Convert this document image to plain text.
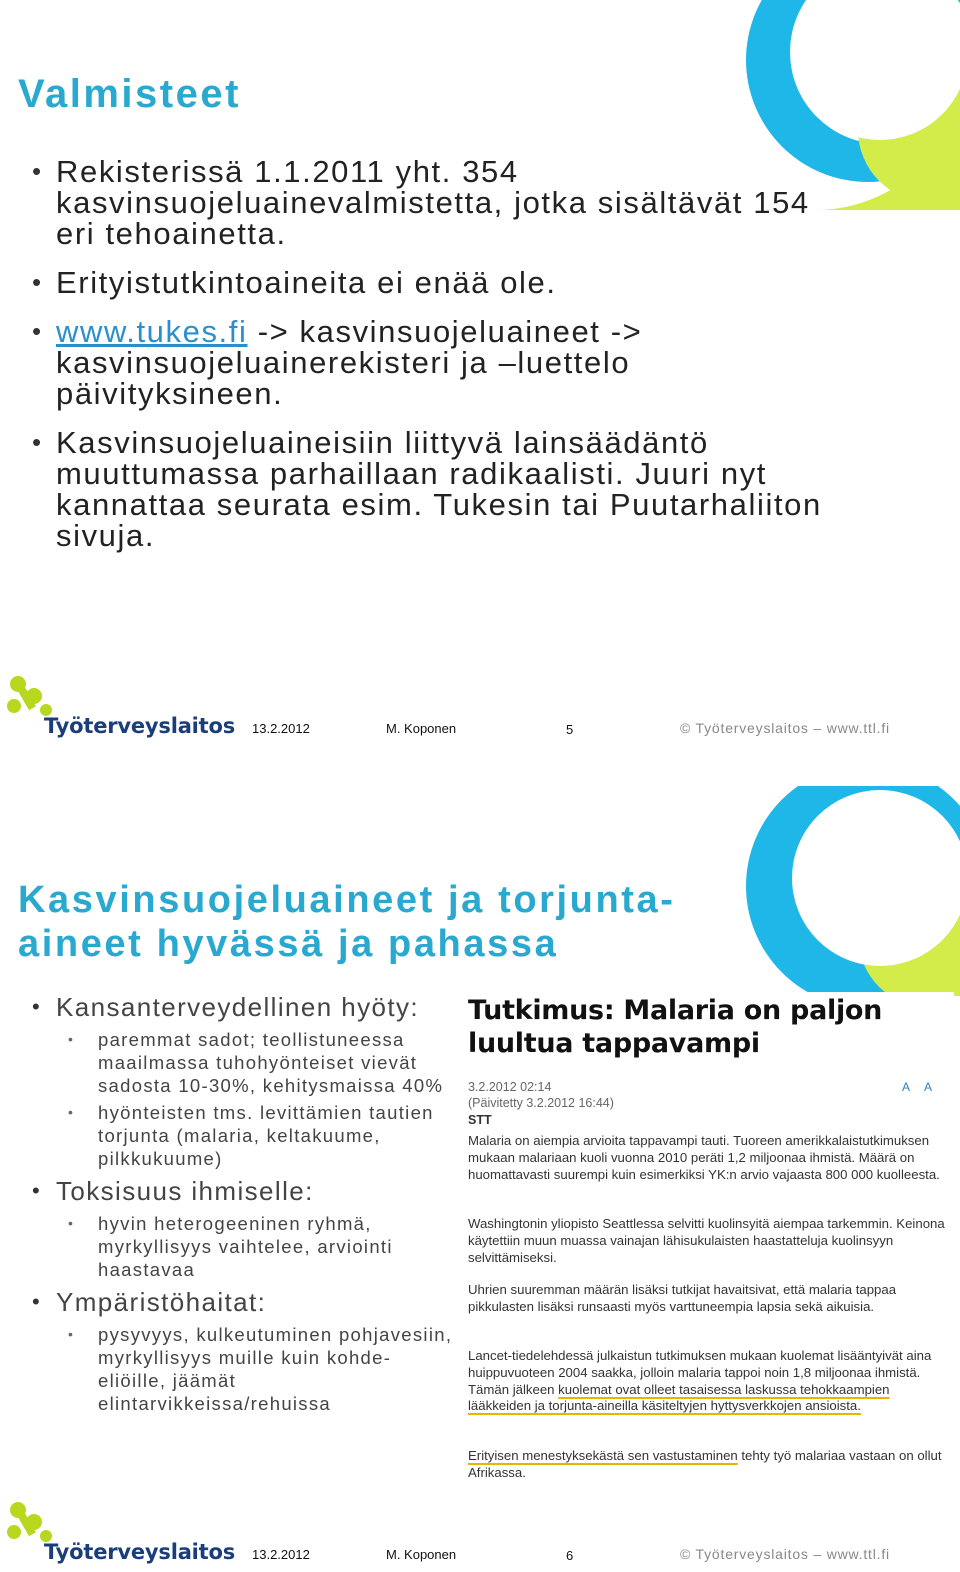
Valmisteet
• Rekisterissä 1.1.2011 yht. 354 kasvinsuojeluainevalmistetta, jotka sisältävät 154 eri tehoainetta.
• Erityistutkintoaineita ei enää ole.
• www.tukes.fi -> kasvinsuojeluaineet -> kasvinsuojeluainerekisteri ja –luettelo päivityksineen.
• Kasvinsuojeluaineisiin liittyvä lainsäädäntö muuttumassa parhaillaan radikaalisti. Juuri nyt kannattaa seurata esim. Tukesin tai Puutarhaliiton sivuja.
Työterveyslaitos 13.2.2012	M. Koponen	5	© Työterveyslaitos – www.ttl.fi
Kasvinsuojeluaineet ja torjunta-aineet hyvässä ja pahassa
• Kansanterveydellinen hyöty:
• paremmat sadot; teollistuneessa maailmassa tuhohyönteiset vievät sadosta 10-30%, kehitysmaissa 40%
• hyönteisten tms. levittämien tautien torjunta (malaria, keltakuume, pilkkukuume)
• Toksisuus ihmiselle:
• hyvin heterogeeninen ryhmä, myrkyllisyys vaihtelee, arviointi haastavaa
• Ympäristöhaitat:
• pysyvyys, kulkeutuminen pohjavesiin, myrkyllisyys muille kuin kohde-eliöille, jäämät elintarvikkeissa/rehuissa
Tutkimus: Malaria on paljon luultua tappavampi
3.2.2012 02:14
(Päivitetty 3.2.2012 16:44)
STT
A A

Malaria on aiempia arvioita tappavampi tauti. Tuoreen amerikkalaistutkimuksen mukaan malariaan kuoli vuonna 2010 peräti 1,2 miljoonaa ihmistä. Määrä on huomattavasti suurempi kuin esimerkiksi YK:n arvio vajaasta 800 000 kuolleesta.

Washingtonin yliopisto Seattlessa selvitti kuolinsyitä aiempaa tarkemmin. Keinona käytettiin muun muassa vainajan lähisukulaisten haastatteluja kuolinsyyn selvittämiseksi.

Uhrien suuremman määrän lisäksi tutkijat havaitsivat, että malaria tappaa pikkulasten lisäksi runsaasti myös varttuneempia lapsia sekä aikuisia.

Lancet-tiedelehdessä julkaistun tutkimuksen mukaan kuolemat lisääntyivät aina huippuvuoteen 2004 saakka, jolloin malaria tappoi noin 1,8 miljoonaa ihmistä. Tämän jälkeen kuolemat ovat olleet tasaisessa laskussa tehokkaampien lääkkeiden ja torjunta-aineilla käsiteltyjen hyttysverkkojen ansioista.

Erityisen menestyksekästä sen vastustaminen tehty työ malariaa vastaan on ollut Afrikassa.

Työterveyslaitos 13.2.2012	M. Koponen	6	© Työterveyslaitos – www.ttl.fi
